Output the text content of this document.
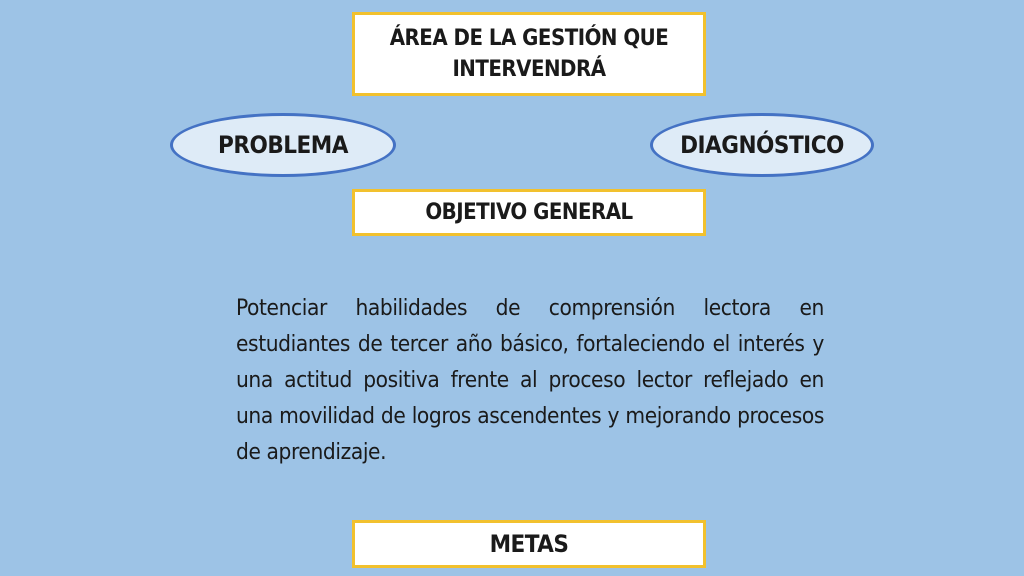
ÁREA DE LA GESTIÓN QUE INTERVENDRÁ
PROBLEMA	DIAGNÓSTICO
OBJETIVO GENERAL

Potenciar habilidades de comprensión lectora en estudiantes de tercer año básico, fortaleciendo el interés y una actitud positiva frente al proceso lector reflejado en una movilidad de logros ascendentes y mejorando procesos de aprendizaje.

METAS
